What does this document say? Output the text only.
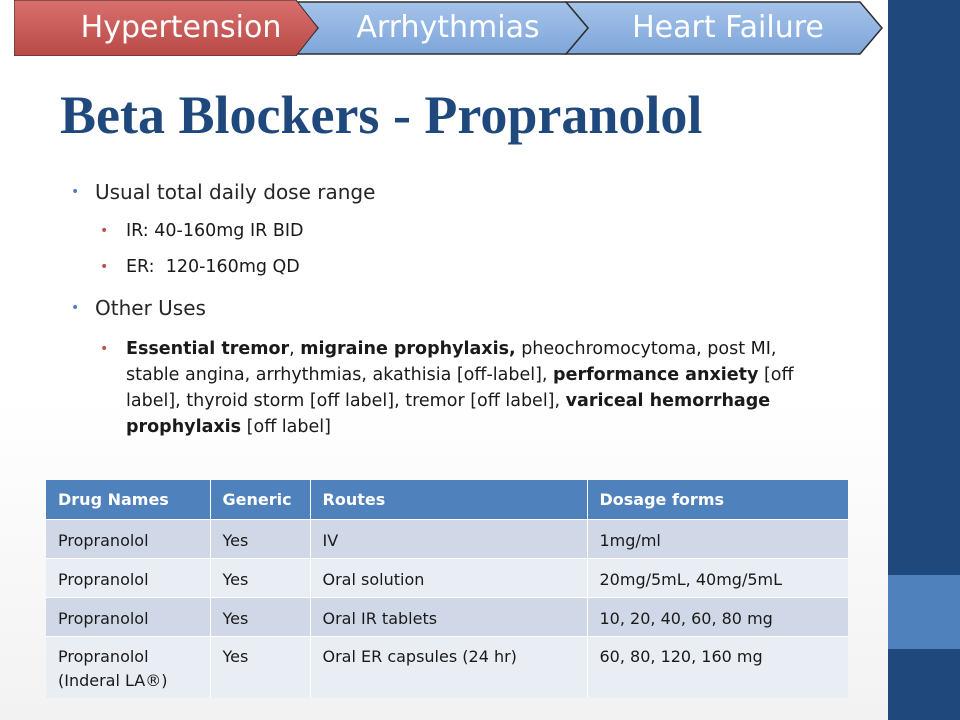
Hypertension	Arrhythmias	Heart Failure
Beta Blockers - Propranolol
• Usual total daily dose range
• IR: 40-160mg IR BID
• ER:  120-160mg QD
• Other Uses
• Essential tremor, migraine prophylaxis, pheochromocytoma, post MI, stable angina, arrhythmias, akathisia [off-label], performance anxiety [off label], thyroid storm [off label], tremor [off label], variceal hemorrhage prophylaxis [off label]
Drug Names	Generic	Routes	Dosage forms
Propranolol	Yes	IV	1mg/ml
Propranolol	Yes	Oral solution	20mg/5mL, 40mg/5mL
Propranolol	Yes	Oral IR tablets	10, 20, 40, 60, 80 mg
Propranolol (Inderal LA®)	Yes	Oral ER capsules (24 hr)	60, 80, 120, 160 mg
